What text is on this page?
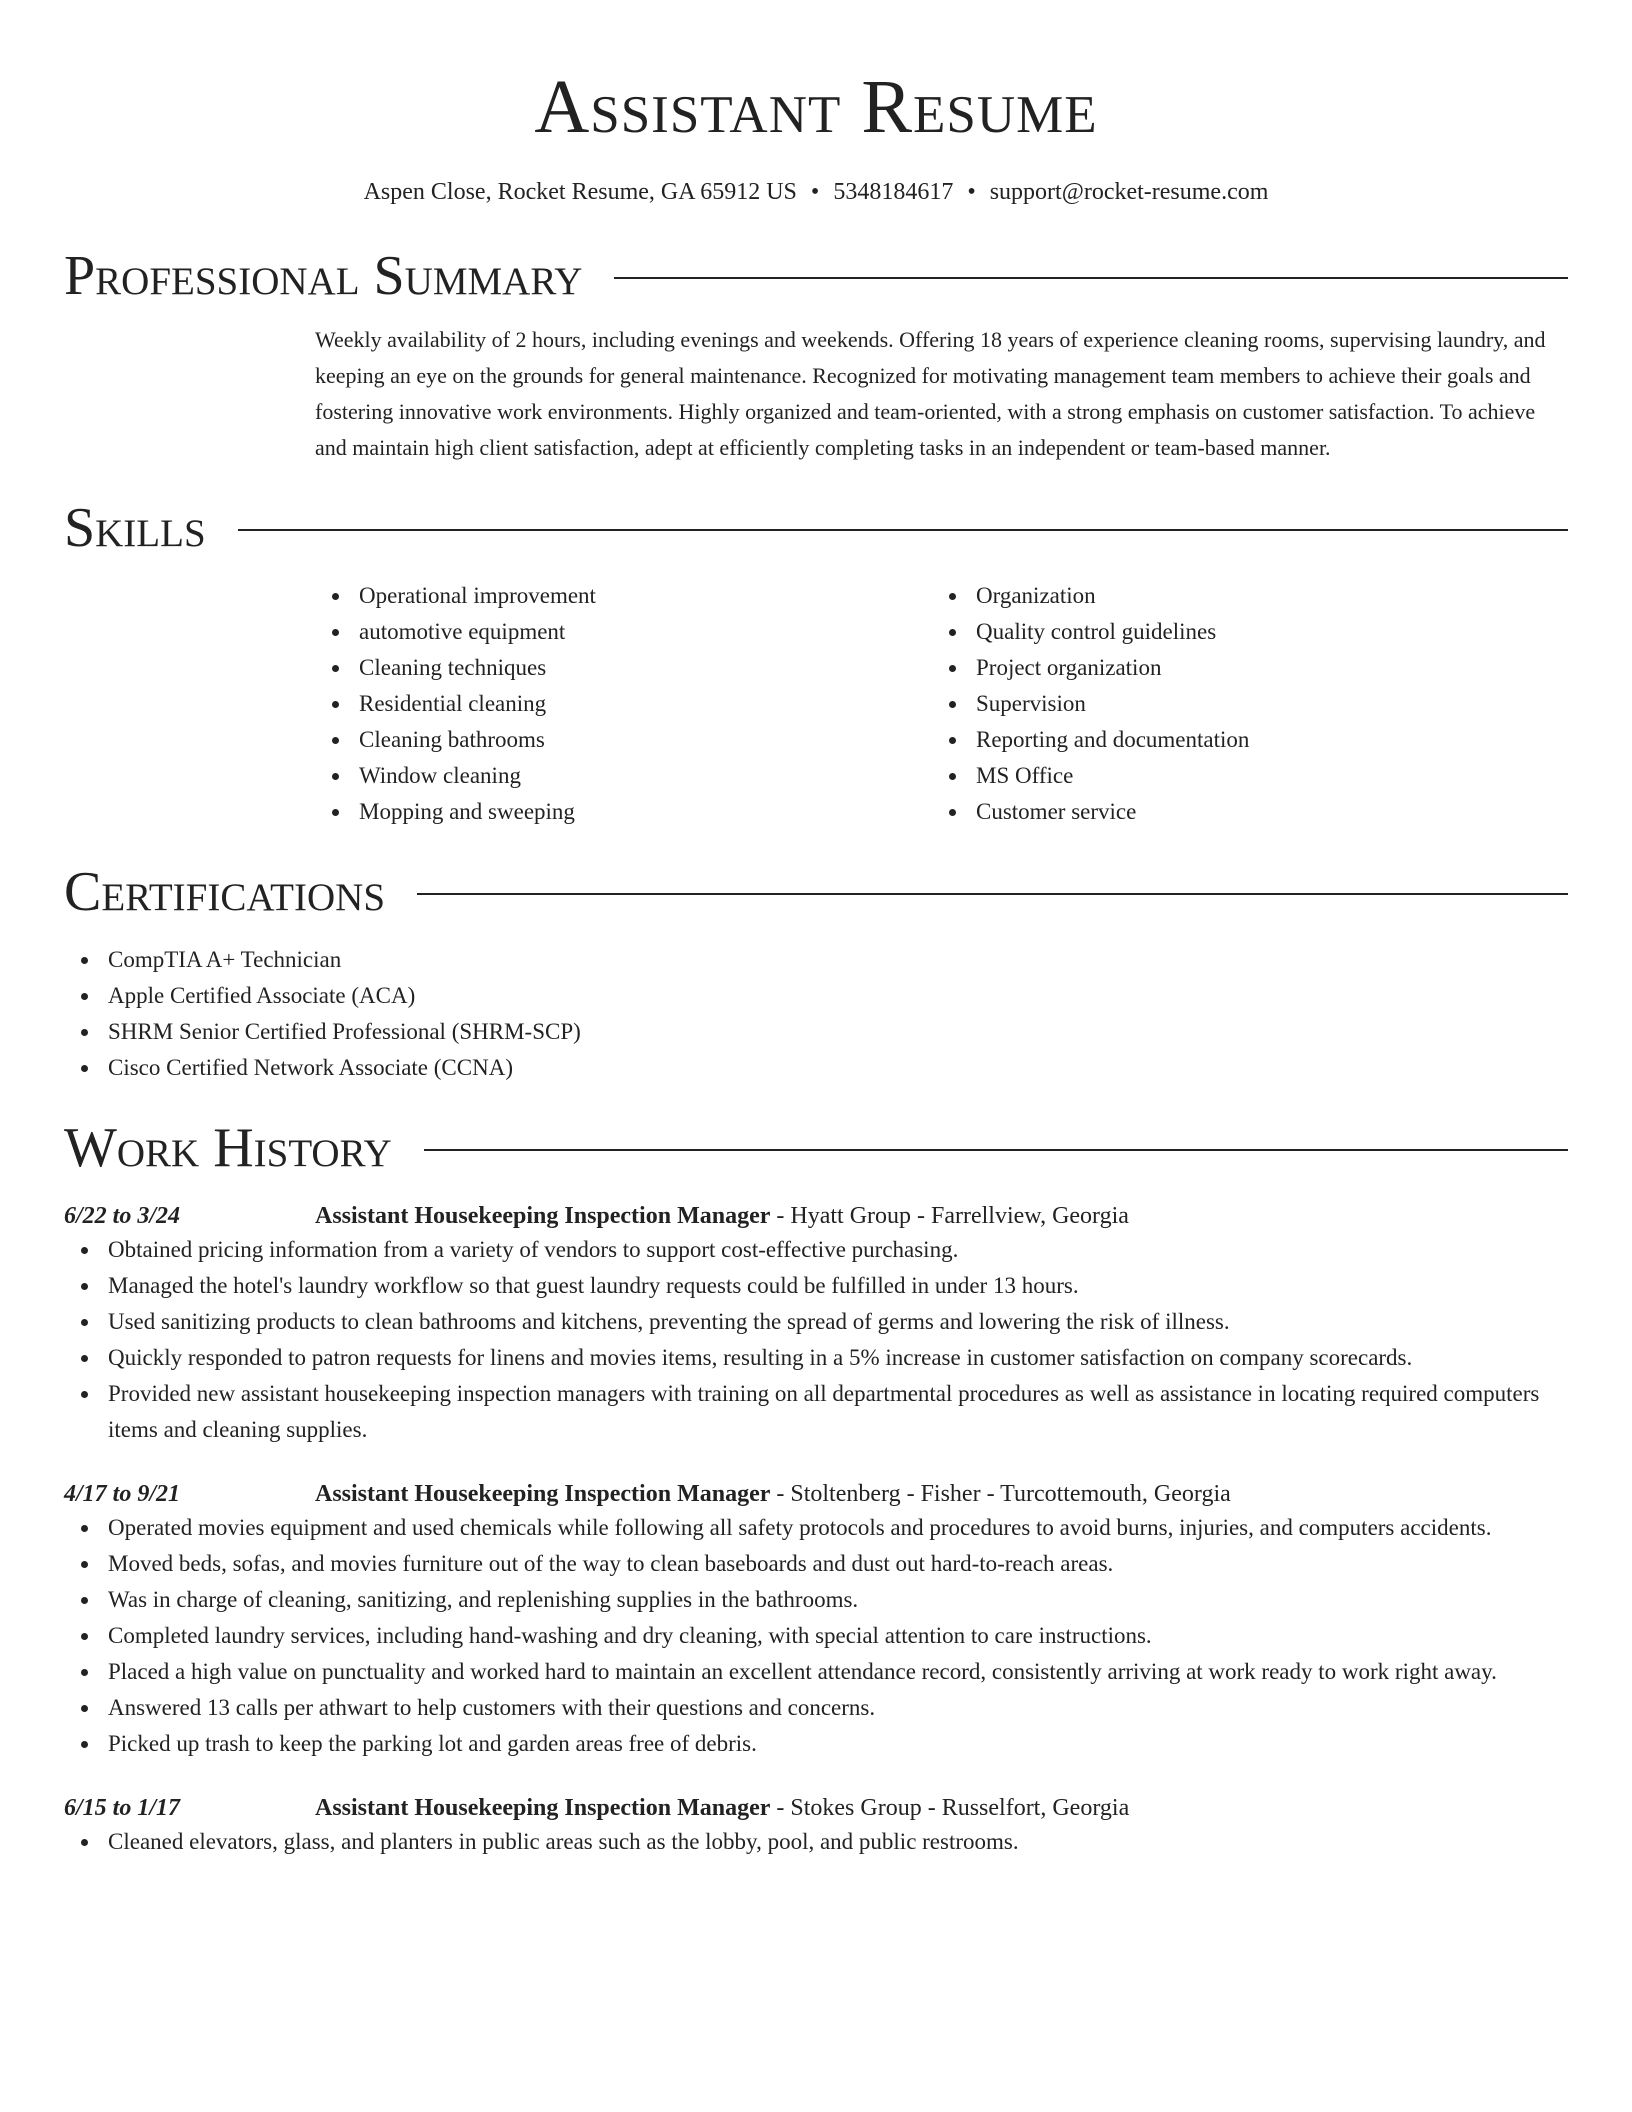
Assistant Resume
Aspen Close, Rocket Resume, GA 65912 US • 5348184617 • support@rocket-resume.com
Professional Summary
Weekly availability of 2 hours, including evenings and weekends. Offering 18 years of experience cleaning rooms, supervising laundry, and keeping an eye on the grounds for general maintenance. Recognized for motivating management team members to achieve their goals and fostering innovative work environments. Highly organized and team-oriented, with a strong emphasis on customer satisfaction. To achieve and maintain high client satisfaction, adept at efficiently completing tasks in an independent or team-based manner.
Skills
Operational improvement
automotive equipment
Cleaning techniques
Residential cleaning
Cleaning bathrooms
Window cleaning
Mopping and sweeping
Organization
Quality control guidelines
Project organization
Supervision
Reporting and documentation
MS Office
Customer service
Certifications
CompTIA A+ Technician
Apple Certified Associate (ACA)
SHRM Senior Certified Professional (SHRM-SCP)
Cisco Certified Network Associate (CCNA)
Work History
6/22 to 3/24	Assistant Housekeeping Inspection Manager - Hyatt Group - Farrellview, Georgia
Obtained pricing information from a variety of vendors to support cost-effective purchasing.
Managed the hotel's laundry workflow so that guest laundry requests could be fulfilled in under 13 hours.
Used sanitizing products to clean bathrooms and kitchens, preventing the spread of germs and lowering the risk of illness.
Quickly responded to patron requests for linens and movies items, resulting in a 5% increase in customer satisfaction on company scorecards.
Provided new assistant housekeeping inspection managers with training on all departmental procedures as well as assistance in locating required computers items and cleaning supplies.
4/17 to 9/21	Assistant Housekeeping Inspection Manager - Stoltenberg - Fisher - Turcottemouth, Georgia
Operated movies equipment and used chemicals while following all safety protocols and procedures to avoid burns, injuries, and computers accidents.
Moved beds, sofas, and movies furniture out of the way to clean baseboards and dust out hard-to-reach areas.
Was in charge of cleaning, sanitizing, and replenishing supplies in the bathrooms.
Completed laundry services, including hand-washing and dry cleaning, with special attention to care instructions.
Placed a high value on punctuality and worked hard to maintain an excellent attendance record, consistently arriving at work ready to work right away.
Answered 13 calls per athwart to help customers with their questions and concerns.
Picked up trash to keep the parking lot and garden areas free of debris.
6/15 to 1/17	Assistant Housekeeping Inspection Manager - Stokes Group - Russelfort, Georgia
Cleaned elevators, glass, and planters in public areas such as the lobby, pool, and public restrooms.
